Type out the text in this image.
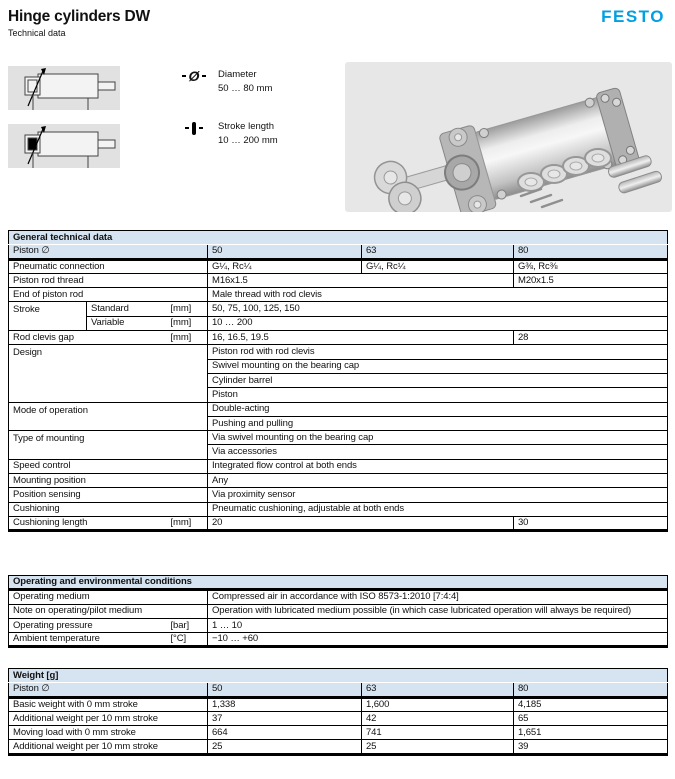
Hinge cylinders DW
Technical data
FESTO
Ø Diameter
50 … 80 mm
Stroke length
10 … 200 mm
General technical data					
Piston ∅			50	63	80
Pneumatic connection			G¼, Rc¼	G¼, Rc¼	G⅜, Rc⅜
Piston rod thread			M16x1.5		M20x1.5
End of piston rod			Male thread with rod clevis		
Stroke	Standard	[mm]	50, 75, 100, 125, 150		
	Variable	[mm]	10 … 200		
Rod clevis gap		[mm]	16, 16.5, 19.5		28
Design			Piston rod with rod clevis		
			Swivel mounting on the bearing cap		
			Cylinder barrel		
			Piston		
Mode of operation			Double-acting		
			Pushing and pulling		
Type of mounting			Via swivel mounting on the bearing cap		
			Via accessories		
Speed control			Integrated flow control at both ends		
Mounting position			Any		
Position sensing			Via proximity sensor		
Cushioning			Pneumatic cushioning, adjustable at both ends		
Cushioning length		[mm]	20		30
Operating and environmental conditions		
Operating medium		Compressed air in accordance with ISO 8573-1:2010 [7:4:4]
Note on operating/pilot medium		Operation with lubricated medium possible (in which case lubricated operation will always be required)
Operating pressure	[bar]	1 … 10
Ambient temperature	[°C]	−10 … +60
Weight [g]			
Piston ∅	50	63	80
Basic weight with 0 mm stroke	1,338	1,600	4,185
Additional weight per 10 mm stroke	37	42	65
Moving load with 0 mm stroke	664	741	1,651
Additional weight per 10 mm stroke	25	25	39
